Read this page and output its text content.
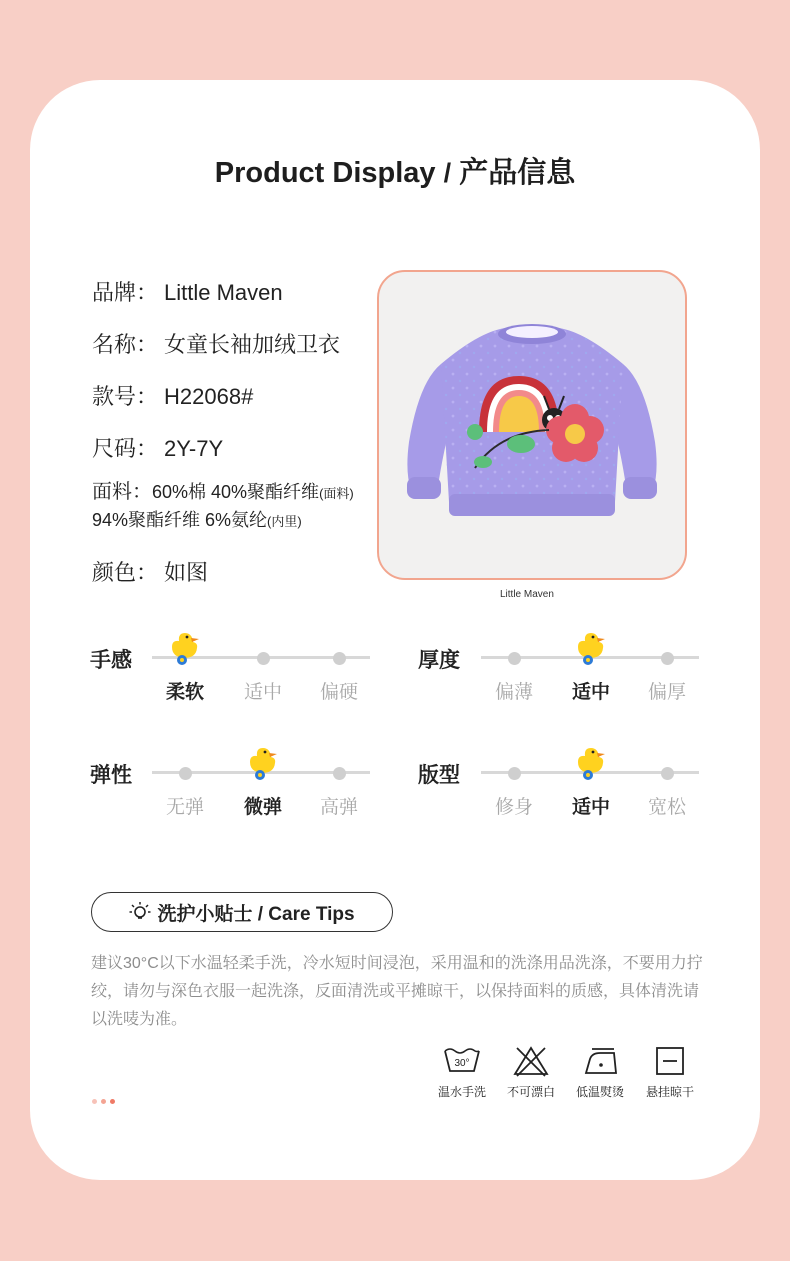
Product Display / 产品信息
品牌： Little Maven
名称： 女童长袖加绒卫衣
款号： H22068#
尺码： 2Y-7Y
面料：60%棉 40%聚酯纤维(面料)
94%聚酯纤维 6%氨纶(内里)
颜色： 如图
Little Maven
手感
柔软	适中	偏硬
厚度
偏薄	适中	偏厚
弹性
无弹	微弹	高弹
版型
修身	适中	宽松
洗护小贴士 / Care Tips
建议30°C以下水温轻柔手洗，冷水短时间浸泡，采用温和的洗涤用品洗涤，不要用力拧绞，请勿与深色衣服一起洗涤，反面清洗或平摊晾干，以保持面料的质感，具体清洗请以洗唛为准。
30°
温水手洗	不可漂白	低温熨烫	悬挂晾干
